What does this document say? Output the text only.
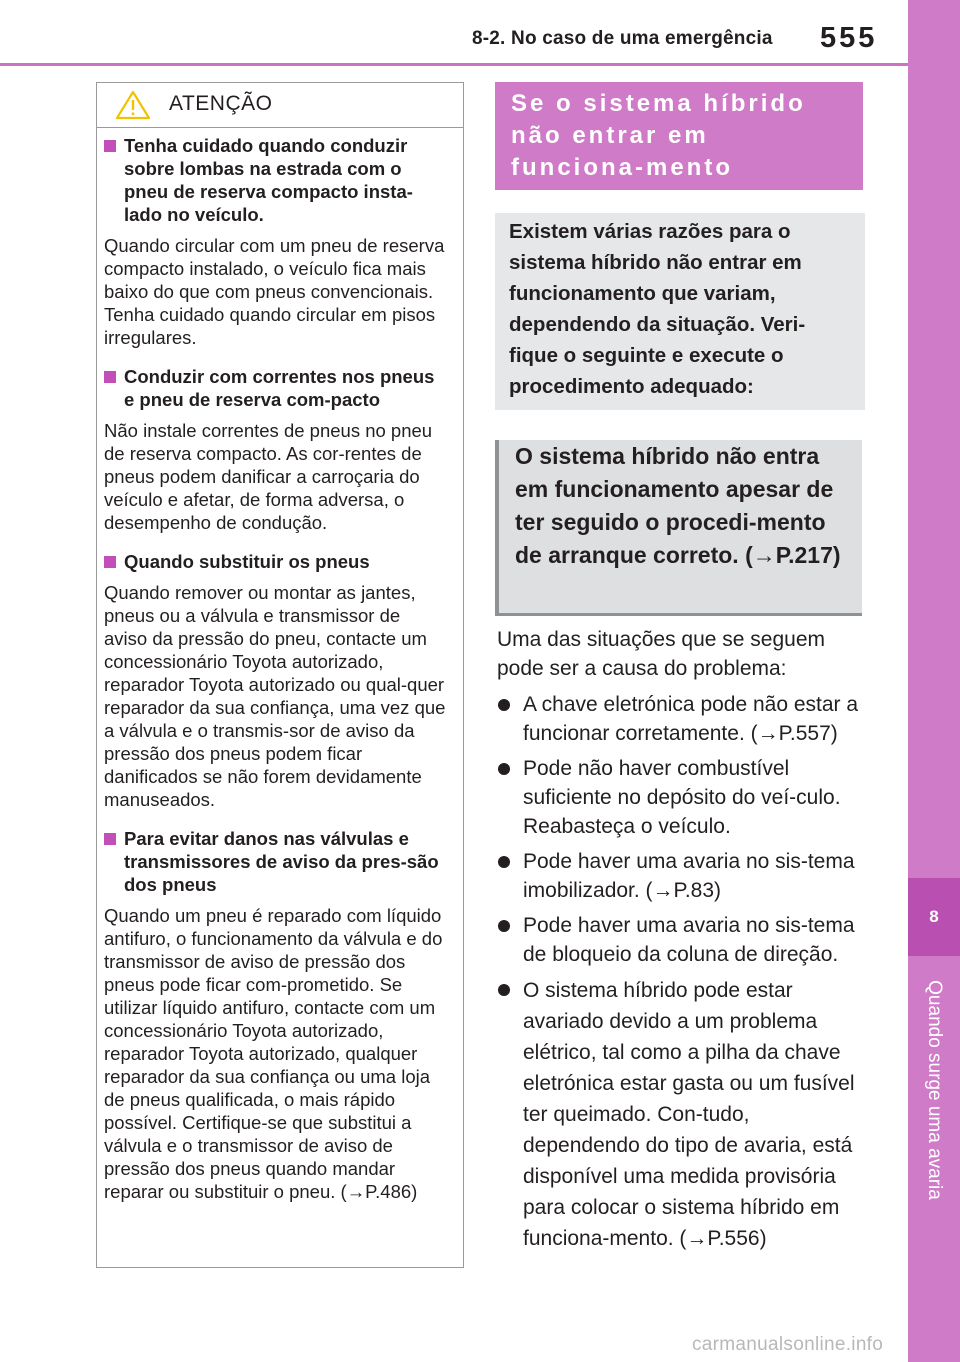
8-2. No caso de uma emergência 555
8
Quando surge uma avaria
ATENÇÃO
Tenha cuidado quando conduzir sobre lombas na estrada com o pneu de reserva compacto insta-lado no veículo.
Quando circular com um pneu de reserva compacto instalado, o veículo fica mais baixo do que com pneus convencionais. Tenha cuidado quando circular em pisos irregulares.
Conduzir com correntes nos pneus e pneu de reserva com-pacto
Não instale correntes de pneus no pneu de reserva compacto. As cor-rentes de pneus podem danificar a carroçaria do veículo e afetar, de forma adversa, o desempenho de condução.
Quando substituir os pneus
Quando remover ou montar as jantes, pneus ou a válvula e transmissor de aviso da pressão do pneu, contacte um concessionário Toyota autorizado, reparador Toyota autorizado ou qual-quer reparador da sua confiança, uma vez que a válvula e o transmis-sor de aviso da pressão dos pneus podem ficar danificados se não forem devidamente manuseados.
Para evitar danos nas válvulas e transmissores de aviso da pres-são dos pneus
Quando um pneu é reparado com líquido antifuro, o funcionamento da válvula e do transmissor de aviso de pressão dos pneus pode ficar com-prometido. Se utilizar líquido antifuro, contacte com um concessionário Toyota autorizado, reparador Toyota autorizado, qualquer reparador da sua confiança ou uma loja de pneus qualificada, o mais rápido possível. Certifique-se que substitui a válvula e o transmissor de aviso de pressão dos pneus quando mandar reparar ou substituir o pneu. (→P.486)
Se o sistema híbrido não entrar em funciona-mento
Existem várias razões para o sistema híbrido não entrar em funcionamento que variam, dependendo da situação. Veri-fique o seguinte e execute o procedimento adequado:
O sistema híbrido não entra em funcionamento apesar de ter seguido o procedi-mento de arranque correto. (→P.217)
Uma das situações que se seguem pode ser a causa do problema:
A chave eletrónica pode não estar a funcionar corretamente. (→P.557)
Pode não haver combustível suficiente no depósito do veí-culo. Reabasteça o veículo.
Pode haver uma avaria no sis-tema imobilizador. (→P.83)
Pode haver uma avaria no sis-tema de bloqueio da coluna de direção.
O sistema híbrido pode estar avariado devido a um problema elétrico, tal como a pilha da chave eletrónica estar gasta ou um fusível ter queimado. Con-tudo, dependendo do tipo de avaria, está disponível uma medida provisória para colocar o sistema híbrido em funciona-mento. (→P.556)
carmanualsonline.info
